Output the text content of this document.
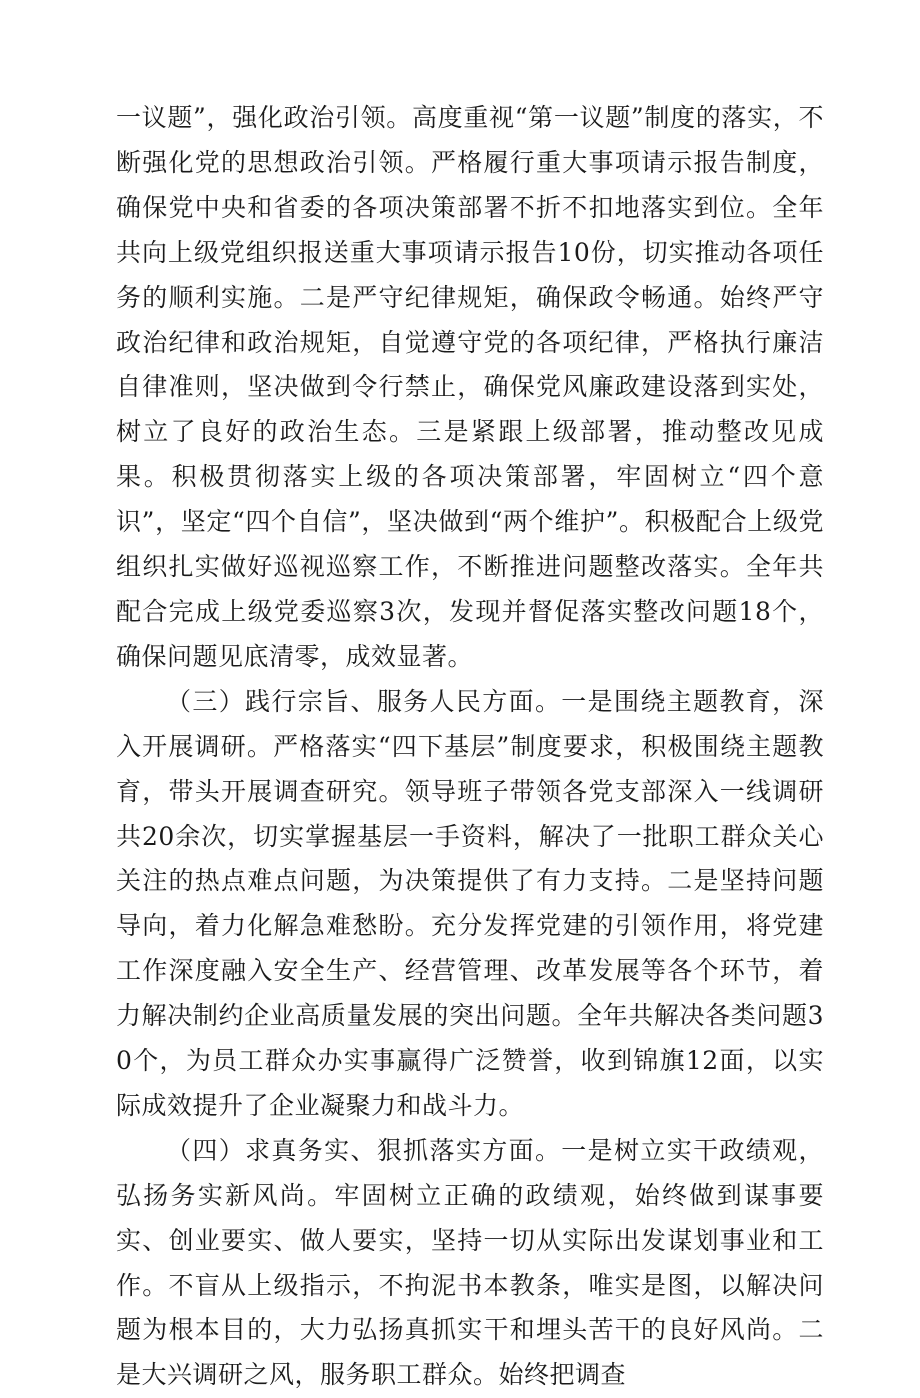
一议题”，强化政治引领。高度重视“第一议题”制度的落实，不断强化党的思想政治引领。严格履行重大事项请示报告制度，确保党中央和省委的各项决策部署不折不扣地落实到位。全年共向上级党组织报送重大事项请示报告10份，切实推动各项任务的顺利实施。二是严守纪律规矩，确保政令畅通。始终严守政治纪律和政治规矩，自觉遵守党的各项纪律，严格执行廉洁自律准则，坚决做到令行禁止，确保党风廉政建设落到实处，树立了良好的政治生态。三是紧跟上级部署，推动整改见成果。积极贯彻落实上级的各项决策部署，牢固树立“四个意识”，坚定“四个自信”，坚决做到“两个维护”。积极配合上级党组织扎实做好巡视巡察工作，不断推进问题整改落实。全年共配合完成上级党委巡察3次，发现并督促落实整改问题18个，确保问题见底清零，成效显著。

（三）践行宗旨、服务人民方面。一是围绕主题教育，深入开展调研。严格落实“四下基层”制度要求，积极围绕主题教育，带头开展调查研究。领导班子带领各党支部深入一线调研共20余次，切实掌握基层一手资料，解决了一批职工群众关心关注的热点难点问题，为决策提供了有力支持。二是坚持问题导向，着力化解急难愁盼。充分发挥党建的引领作用，将党建工作深度融入安全生产、经营管理、改革发展等各个环节，着力解决制约企业高质量发展的突出问题。全年共解决各类问题30个，为员工群众办实事赢得广泛赞誉，收到锦旗12面，以实际成效提升了企业凝聚力和战斗力。

（四）求真务实、狠抓落实方面。一是树立实干政绩观，弘扬务实新风尚。牢固树立正确的政绩观，始终做到谋事要实、创业要实、做人要实，坚持一切从实际出发谋划事业和工作。不盲从上级指示，不拘泥书本教条，唯实是图，以解决问题为根本目的，大力弘扬真抓实干和埋头苦干的良好风尚。二是大兴调研之风，服务职工群众。始终把调查
